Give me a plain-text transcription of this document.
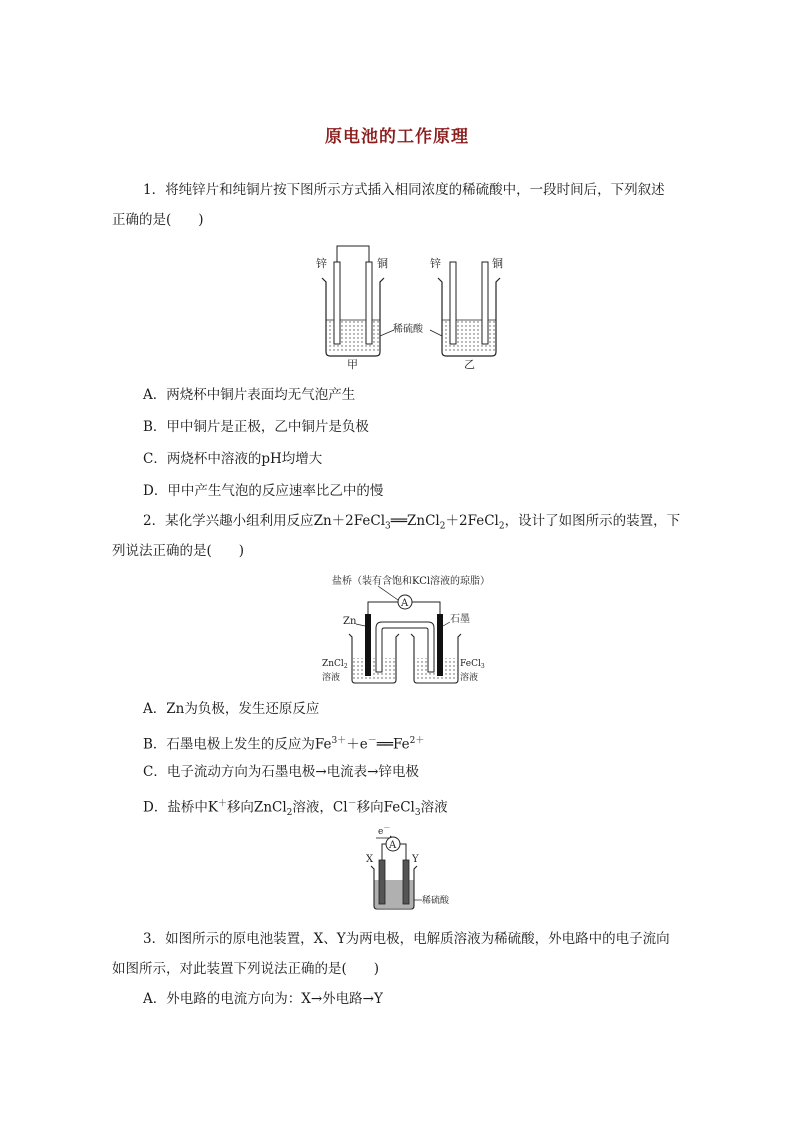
原电池的工作原理
1．将纯锌片和纯铜片按下图所示方式插入相同浓度的稀硫酸中，一段时间后，下列叙述
正确的是(　　)
锌	铜
甲
锌	铜
乙
稀硫酸
A．两烧杯中铜片表面均无气泡产生
B．甲中铜片是正极，乙中铜片是负极
C．两烧杯中溶液的pH均增大
D．甲中产生气泡的反应速率比乙中的慢
2．某化学兴趣小组利用反应Zn＋2FeCl$_3$══ZnCl$_2$＋2FeCl$_2$，设计了如图所示的装置，下
列说法正确的是(　　)
盐桥（装有含饱和KCl溶液的琼脂）
A
Zn	石墨
ZnCl$_2$
溶液
FeCl$_3$
溶液
A．Zn为负极，发生还原反应
B．石墨电极上发生的反应为$Fe^{3+}+e^-══Fe^{2+}$
C．电子流动方向为石墨电极→电流表→锌电极
D．盐桥中K＋移向ZnCl$_2$溶液，Cl－移向FeCl$_3$溶液
e－
A
X	Y
稀硫酸
3．如图所示的原电池装置，X、Y为两电极，电解质溶液为稀硫酸，外电路中的电子流向
如图所示，对此装置下列说法正确的是(　　)
A．外电路的电流方向为：X→外电路→Y
